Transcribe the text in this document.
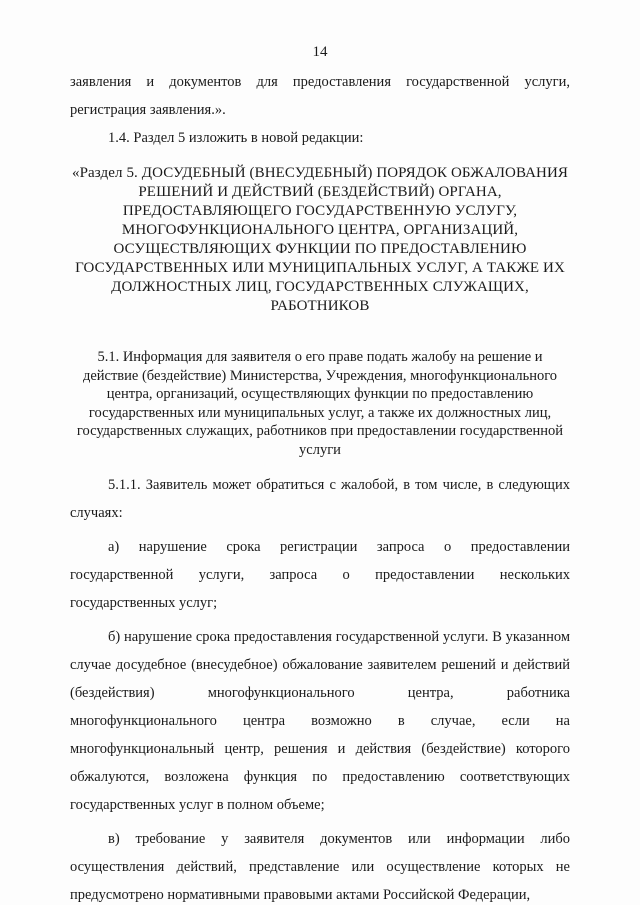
14

заявления и документов для предоставления государственной услуги, регистрация заявления.».

1.4. Раздел 5 изложить в новой редакции:

«Раздел 5. ДОСУДЕБНЫЙ (ВНЕСУДЕБНЫЙ) ПОРЯДОК ОБЖАЛОВАНИЯ РЕШЕНИЙ И ДЕЙСТВИЙ (БЕЗДЕЙСТВИЙ) ОРГАНА, ПРЕДОСТАВЛЯЮЩЕГО ГОСУДАРСТВЕННУЮ УСЛУГУ, МНОГОФУНКЦИОНАЛЬНОГО ЦЕНТРА, ОРГАНИЗАЦИЙ, ОСУЩЕСТВЛЯЮЩИХ ФУНКЦИИ ПО ПРЕДОСТАВЛЕНИЮ ГОСУДАРСТВЕННЫХ ИЛИ МУНИЦИПАЛЬНЫХ УСЛУГ, А ТАКЖЕ ИХ ДОЛЖНОСТНЫХ ЛИЦ, ГОСУДАРСТВЕННЫХ СЛУЖАЩИХ, РАБОТНИКОВ

5.1. Информация для заявителя о его праве подать жалобу на решение и действие (бездействие) Министерства, Учреждения, многофункционального центра, организаций, осуществляющих функции по предоставлению государственных или муниципальных услуг, а также их должностных лиц, государственных служащих, работников при предоставлении государственной услуги

5.1.1. Заявитель может обратиться с жалобой, в том числе, в следующих случаях:

а) нарушение срока регистрации запроса о предоставлении государственной услуги, запроса о предоставлении нескольких государственных услуг;

б) нарушение срока предоставления государственной услуги. В указанном случае досудебное (внесудебное) обжалование заявителем решений и действий (бездействия) многофункционального центра, работника многофункционального центра возможно в случае, если на многофункциональный центр, решения и действия (бездействие) которого обжалуются, возложена функция по предоставлению соответствующих государственных услуг в полном объеме;

в) требование у заявителя документов или информации либо осуществления действий, представление или осуществление которых не предусмотрено нормативными правовыми актами Российской Федерации,
